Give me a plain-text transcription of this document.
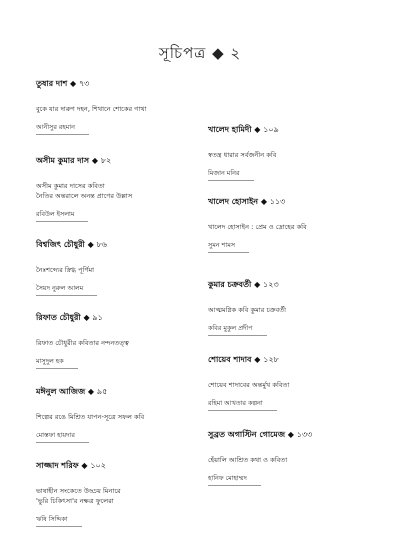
সূচিপত্র ◆ ২
তুষার দাশ ◆ ৭৩
বুকে যার দারুণ দহন, শিথানে শোকের গাথা
আনীসুর রহমান
অসীম কুমার দাস ◆ ৮২
অসীম কুমার দাসের কবিতা
নৈতির অন্তরালে অনন্ত প্রাণের উল্লাস
রবিউল ইসলাম
বিশ্বজিৎ চৌধুরী ◆ ৮৬
নৈঃশব্দ্যের স্নিগ্ধ পূর্ণিমা
সৈয়দ নুরুল আলম
রিফাত চৌধুরী ◆ ৯১
রিফাত চৌধুরীর কবিতার নন্দনতত্ত্ব
মাসুদুল হক
মঈনুল আজিজ ◆ ৯৫
শিল্পের রঙে মিশ্রিত যাপন-সূত্রে সফল কবি
মোস্তফা হায়দার
সাজ্জাদ শরিফ ◆ ১০২
ভাষাহীন সংকেতে উড্ডয় মিনারে
'ভুরি চিকিৎসা'র নক্ষত্র ফুলেরা
ঋষি সিদ্দিকা
খালেদ হামিদী ◆ ১০৯
স্বতন্ত্র ধারার সর্বজনীন কবি
মিজান মনির
খালেদ হোসাইন ◆ ১১৩
খালেদ হোসাইন : প্রেম ও দ্রোহের কবি
সুমন শামস
কুমার চক্রবর্তী ◆ ১২৩
আত্মমগ্নিক কবি কুমার চক্রবর্তী
কবির মুকুল প্রদীপ
শোয়েব শাদাব ◆ ১২৮
শোয়েব শাদাবের অন্তর্মুখ কবিতা
রহিমা আখতার কল্পনা
সুব্রত অগাস্টিন গোমেজ ◆ ১৩৩
হেঁয়ালি আশ্রিত কথা ও কবিতা
হানিফ মোহাম্মদ
